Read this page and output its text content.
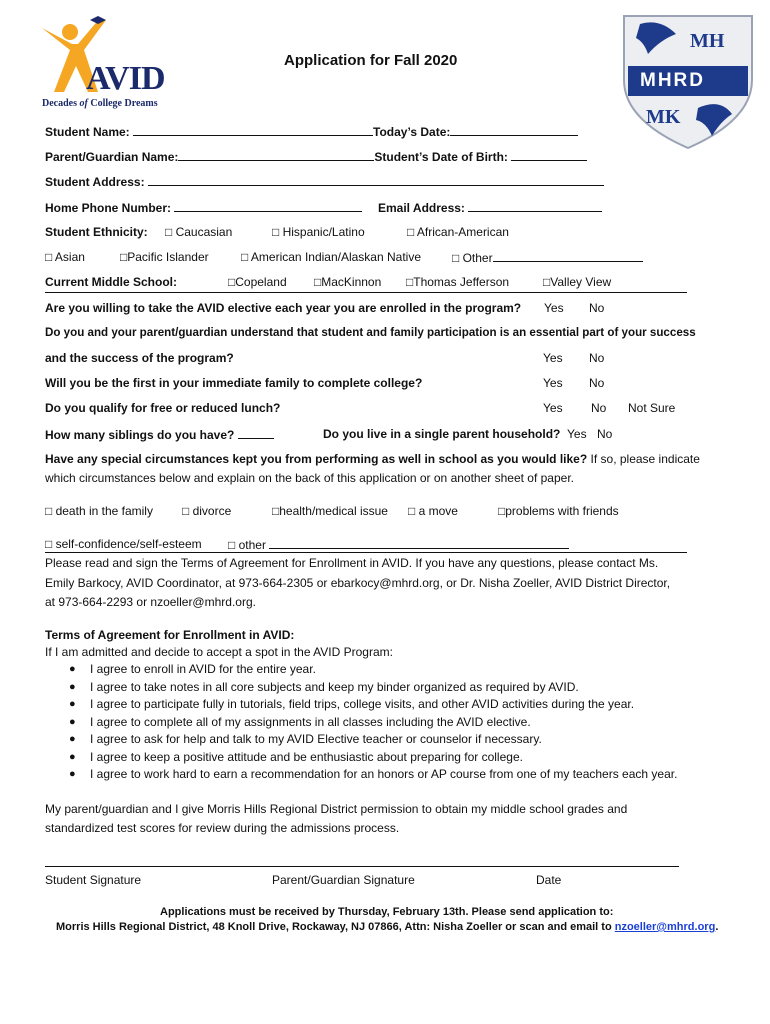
AVID
Decades of College Dreams
Application for Fall 2020
MH
MHRD
MK
Student Name:	Today’s Date:
Parent/Guardian Name:	Student’s Date of Birth:
Student Address:
Home Phone Number:	Email Address:
Student Ethnicity: □ Caucasian	□ Hispanic/Latino	□ African-American
□ Asian	□Pacific Islander	□ American Indian/Alaskan Native	□ Other
Current Middle School:	□Copeland □MacKinnon □Thomas Jefferson	□Valley View
Are you willing to take the AVID elective each year you are enrolled in the program? Yes No
Do you and your parent/guardian understand that student and family participation is an essential part of your success
and the success of the program?	Yes No
Will you be the first in your immediate family to complete college?	Yes No
Do you qualify for free or reduced lunch?	Yes No Not Sure
How many siblings do you have?	Do you live in a single parent household? Yes No
Have any special circumstances kept you from performing as well in school as you would like? If so, please indicate
which circumstances below and explain on the back of this application or on another sheet of paper.
□ death in the family □ divorce	□health/medical issue □ a move	□problems with friends
□ self-confidence/self-esteem □ other
Please read and sign the Terms of Agreement for Enrollment in AVID. If you have any questions, please contact Ms.
Emily Barkocy, AVID Coordinator, at 973-664-2305 or ebarkocy@mhrd.org, or Dr. Nisha Zoeller, AVID District Director,
at 973-664-2293 or nzoeller@mhrd.org.
Terms of Agreement for Enrollment in AVID:
If I am admitted and decide to accept a spot in the AVID Program:
● I agree to enroll in AVID for the entire year.
● I agree to take notes in all core subjects and keep my binder organized as required by AVID.
● I agree to participate fully in tutorials, field trips, college visits, and other AVID activities during the year.
● I agree to complete all of my assignments in all classes including the AVID elective.
● I agree to ask for help and talk to my AVID Elective teacher or counselor if necessary.
● I agree to keep a positive attitude and be enthusiastic about preparing for college.
● I agree to work hard to earn a recommendation for an honors or AP course from one of my teachers each year.
My parent/guardian and I give Morris Hills Regional District permission to obtain my middle school grades and
standardized test scores for review during the admissions process.
Student Signature	Parent/Guardian Signature	Date
Applications must be received by Thursday, February 13th. Please send application to:
Morris Hills Regional District, 48 Knoll Drive, Rockaway, NJ 07866, Attn: Nisha Zoeller or scan and email to nzoeller@mhrd.org.
